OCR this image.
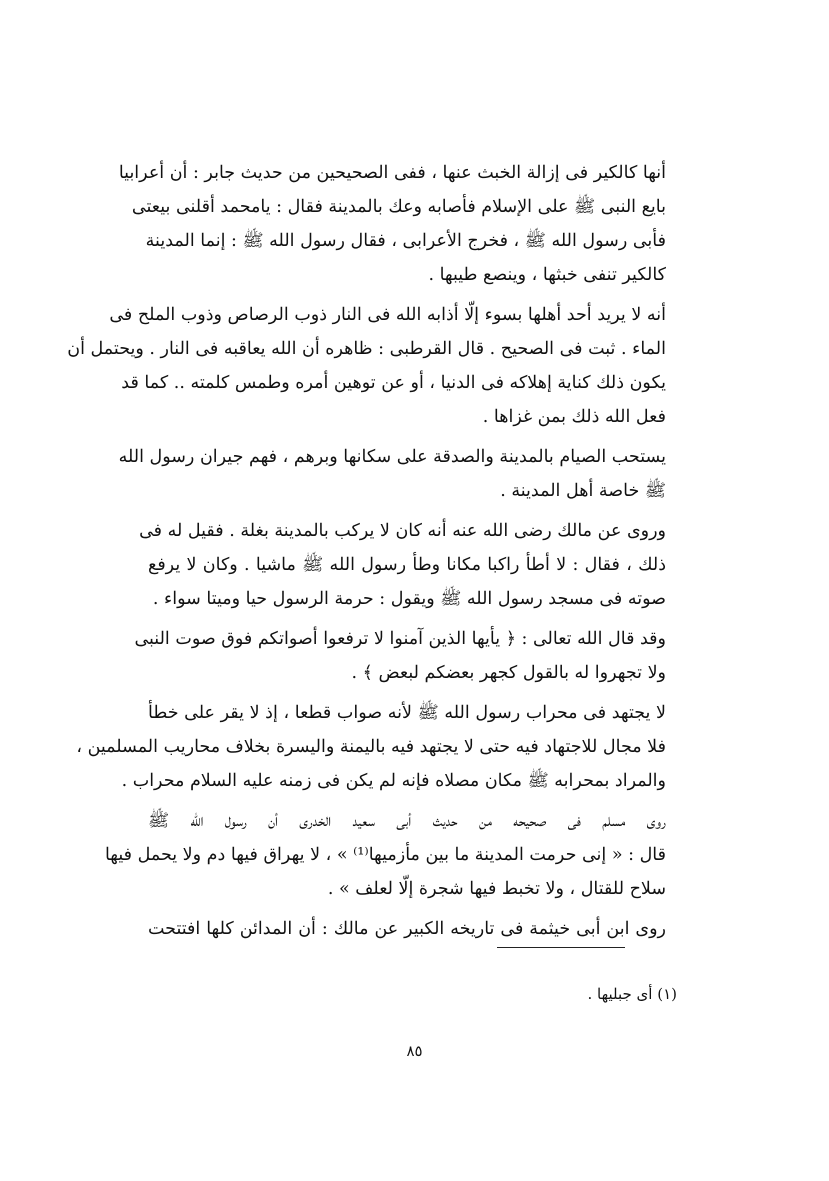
أنها كالكير فى إزالة الخبث عنها ، ففى الصحيحين من حديث جابر : أن أعرابيا
بايع النبى ﷺ على الإسلام فأصابه وعك بالمدينة فقال : يامحمد أقلنى بيعتى
فأبى رسول الله ﷺ ، فخرج الأعرابى ، فقال رسول الله ﷺ : إنما المدينة
كالكير تنفى خبثها ، وينصع طيبها .

أنه لا يريد أحد أهلها بسوء إلّا أذابه الله فى النار ذوب الرصاص وذوب الملح فى
الماء . ثبت فى الصحيح . قال القرطبى : ظاهره أن الله يعاقبه فى النار . ويحتمل أن
يكون ذلك كناية إهلاكه فى الدنيا ، أو عن توهين أمره وطمس كلمته .. كما قد
فعل الله ذلك بمن غزاها .

يستحب الصيام بالمدينة والصدقة على سكانها وبرهم ، فهم جيران رسول الله
ﷺ خاصة أهل المدينة .

وروى عن مالك رضى الله عنه أنه كان لا يركب بالمدينة بغلة . فقيل له فى
ذلك ، فقال : لا أطأ راكبا مكانا وطأ رسول الله ﷺ ماشيا . وكان لا يرفع
صوته فى مسجد رسول الله ﷺ ويقول : حرمة الرسول حيا وميتا سواء .

وقد قال الله تعالى : ﴿ يأيها الذين آمنوا لا ترفعوا أصواتكم فوق صوت النبى
ولا تجهروا له بالقول كجهر بعضكم لبعض ﴾ .

لا يجتهد فى محراب رسول الله ﷺ لأنه صواب قطعا ، إذ لا يقر على خطأ
فلا مجال للاجتهاد فيه حتى لا يجتهد فيه باليمنة واليسرة بخلاف محاريب المسلمين ،
والمراد بمحرابه ﷺ مكان مصلاه فإنه لم يكن فى زمنه عليه السلام محراب .

روى مسلم فى صحيحه من حديث أبى سعيد الخدرى أن رسول الله ﷺ
قال : « إنى حرمت المدينة ما بين مأزميها⁽¹⁾ » ، لا يهراق فيها دم ولا يحمل فيها
سلاح للقتال ، ولا تخبط فيها شجرة إلّا لعلف » .

روى ابن أبى خيثمة فى تاريخه الكبير عن مالك : أن المدائن كلها افتتحت

(١) أى جبليها .
٨٥
